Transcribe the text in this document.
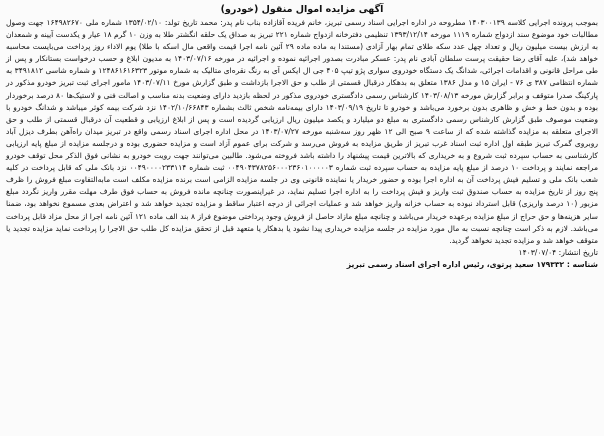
آگهی مزایده اموال منقول (خودرو)

بموجب پرونده اجرایی کلاسه ۱۴۰۳۰۰۱۳۹ مطروحه در اداره اجرایی اسناد رسمی تبریز، خانم فریده آقازاده بناب نام پدر: محمد تاریخ تولد: ۱۳۵۴/۰۲/۱۰ شماره ملی ۱۶۴۹۸۲۶۷۰ جهت وصول مطالبات خود موضوع سند ازدواج شماره ۱۱۱۹ مورخه ۱۳۹۳/۱۲/۱۴ تنظیمی دفترخانه ازدواج شماره ۲۲۱ تبریز به صداق یک حلقه انگشتر طلا به وزن ۱۰ گرم ۱۸ عیار و یکدست آیینه و شمعدان به ارزش بیست میلیون ریال و تعداد چهل عدد سکه طلای تمام بهار آزادی (مستندا به ماده ماده ۲۹ آئین نامه اجرا قیمت واقعی مال اسکه با طلا) یوم الاداء روز پرداخت می‌بایست محاسبه خواهد شد)، علیه آقای رضا حقیقت پرست سلطان آبادی نام پدر: عسکر مبادرت بصدور اجرائیه نموده و اجرائیه در مورخه ۱۴۰۳/۰۷/۱۶ به مدیون ابلاغ و حسب درخواست بستانکار و پس از طی مراحل قانونی و اقدامات اجرائی، شدانگ یک دستگاه خودروی سواری پژو تیپ ۴۰۵ جی ال ایکس آی به رنگ نقره‌ای متالیک به شماره موتور ۱۲۴۸۶۱۶۱۶۳۲۳ و شماره شاسی ۳۴۹۱۸۱۲ به شماره انتظامی ۳۸۷ ی ۷۶ - ایران ۱۵ و مدل ۱۳۸۶ متعلق به بدهکار درقبال قسمتی از طلب و حق الاجرا بازداشت و طبق گزارش مورخ ۱۴۰۳/۰۷/۱۱ مامور اجرای ثبت تبریز خودرو مذکور در پارکینگ صدرا متوقف و برابر گزارش مورخه ۱۴۰۳/۰۸/۱۳ کارشناس رسمی دادگستری خودروی مذکور در لحظه بازدید دارای وضعیت بدنه مناسب و اصالت فنی و لاستیک‌ها ۸۰ درصد برخوردار بوده و بدون خط و خش و ظاهری بدون برخورد می‌باشد و خودرو تا تاریخ ۱۴۰۳/۰۹/۱۹ دارای بیمه‌نامه شخص ثالث بشماره ۱۴۰۲/۱۰/۶۶۸۴۳ نزد شرکت بیمه کوثر میباشد و شدانگ خودرو با وضعیت موصوف طبق گزارش کارشناس رسمی دادگستری به مبلغ دو میلیارد و یکصد میلیون ریال ارزیابی گردیده است و پس از ابلاغ ارزیابی و قطعیت آن درقبال قسمتی از طلب و حق الاجرای متعلقه به مزایده گذاشته شده که از ساعت ۹ صبح الی ۱۲ ظهر روز سه‌شنبه مورخه ۱۴۰۳/۰۷/۲۷ در محل اداره اجرای اسناد رسمی واقع در تبریز میدان راه‌آهن بطرف دیزل آباد روبروی گمرک تبریز طبقه اول اداره ثبت اسناد غرب تبریز از طریق مزایده به فروش می‌رسد و شرکت برای عموم آزاد است و مزایده حضوری بوده و درجلسه مزایده از مبلغ پایه ارزیابی کارشناسی به حساب سپرده ثبت شروع و به خریداری که بالاترین قیمت پیشنهاد را داشته باشد فروخته می‌شود. طالبین می‌توانند جهت رویت خودرو به نشانی فوق الذکر محل توقف خودرو مراجعه نمایند و پرداخت ۱۰ درصد از مبلغ پایه مزایده به حساب سپرده ثبت شماره ۰۰۴۹۰۴۳۷۸۲۵۶۰۰۰۲۳۶۰۱۰۰۰۰۰۳ ثبت شماره ۰۰۴۹۰۰۰۰۲۳۳۱۱۴ نزد بانک ملی که قابل پرداخت در کلیه شعب بانک ملی و تسلیم فیش پرداخت آن به اداره اجرا بوده و حضور خریدار یا نماینده قانونی وی در جلسه مزایده الزامی است برنده مزایده مکلف است مابه‌التفاوت مبلغ فروش را ظرف پنج روز از تاریخ مزایده به حساب صندوق ثبت واریز و فیش پرداخت را به اداره اجرا تسلیم نماید، در غیراینصورت چنانچه مانده فروش به حساب فوق طرف مهلت مقرر واریز نگردد مبلغ مزبور (۱۰ درصد واریزی) قابل استرداد نبوده به حساب خزانه واریز خواهد شد و عملیات اجرائی از درجه اعتبار ساقط و مزایده تجدید خواهد شد و اعتراض بعدی مسموع نخواهد بود، ضمنا سایر هزینه‌ها و حق حراج از مبلغ مزایده برعهده خریدار می‌باشد و چنانچه مبلغ مازاد حاصل از فروش وجود پرداختی موضوع فراز ۸ بند الف ماده ۱۲۱ آئین نامه اجرا از محل مزاد قابل پرداخت می‌باشد. لازم به ذکر است چنانچه نسبت به مال مورد مزایده در جلسه مزایده خریداری پیدا نشود یا بدهکار یا متعهد قبل از تحقق مزایده کل طلب حق الاجرا را پرداخت نماید مزایده تجدید یا متوقف خواهد شد و مزایده تجدید نخواهد گردید.

تاریخ انتشار: ۱۴۰۳/۰۷/۰۴
شناسه : ۱۷۹۳۳۲ سعید پرتوی، رئیس اداره اجرای اسناد رسمی تبریز
